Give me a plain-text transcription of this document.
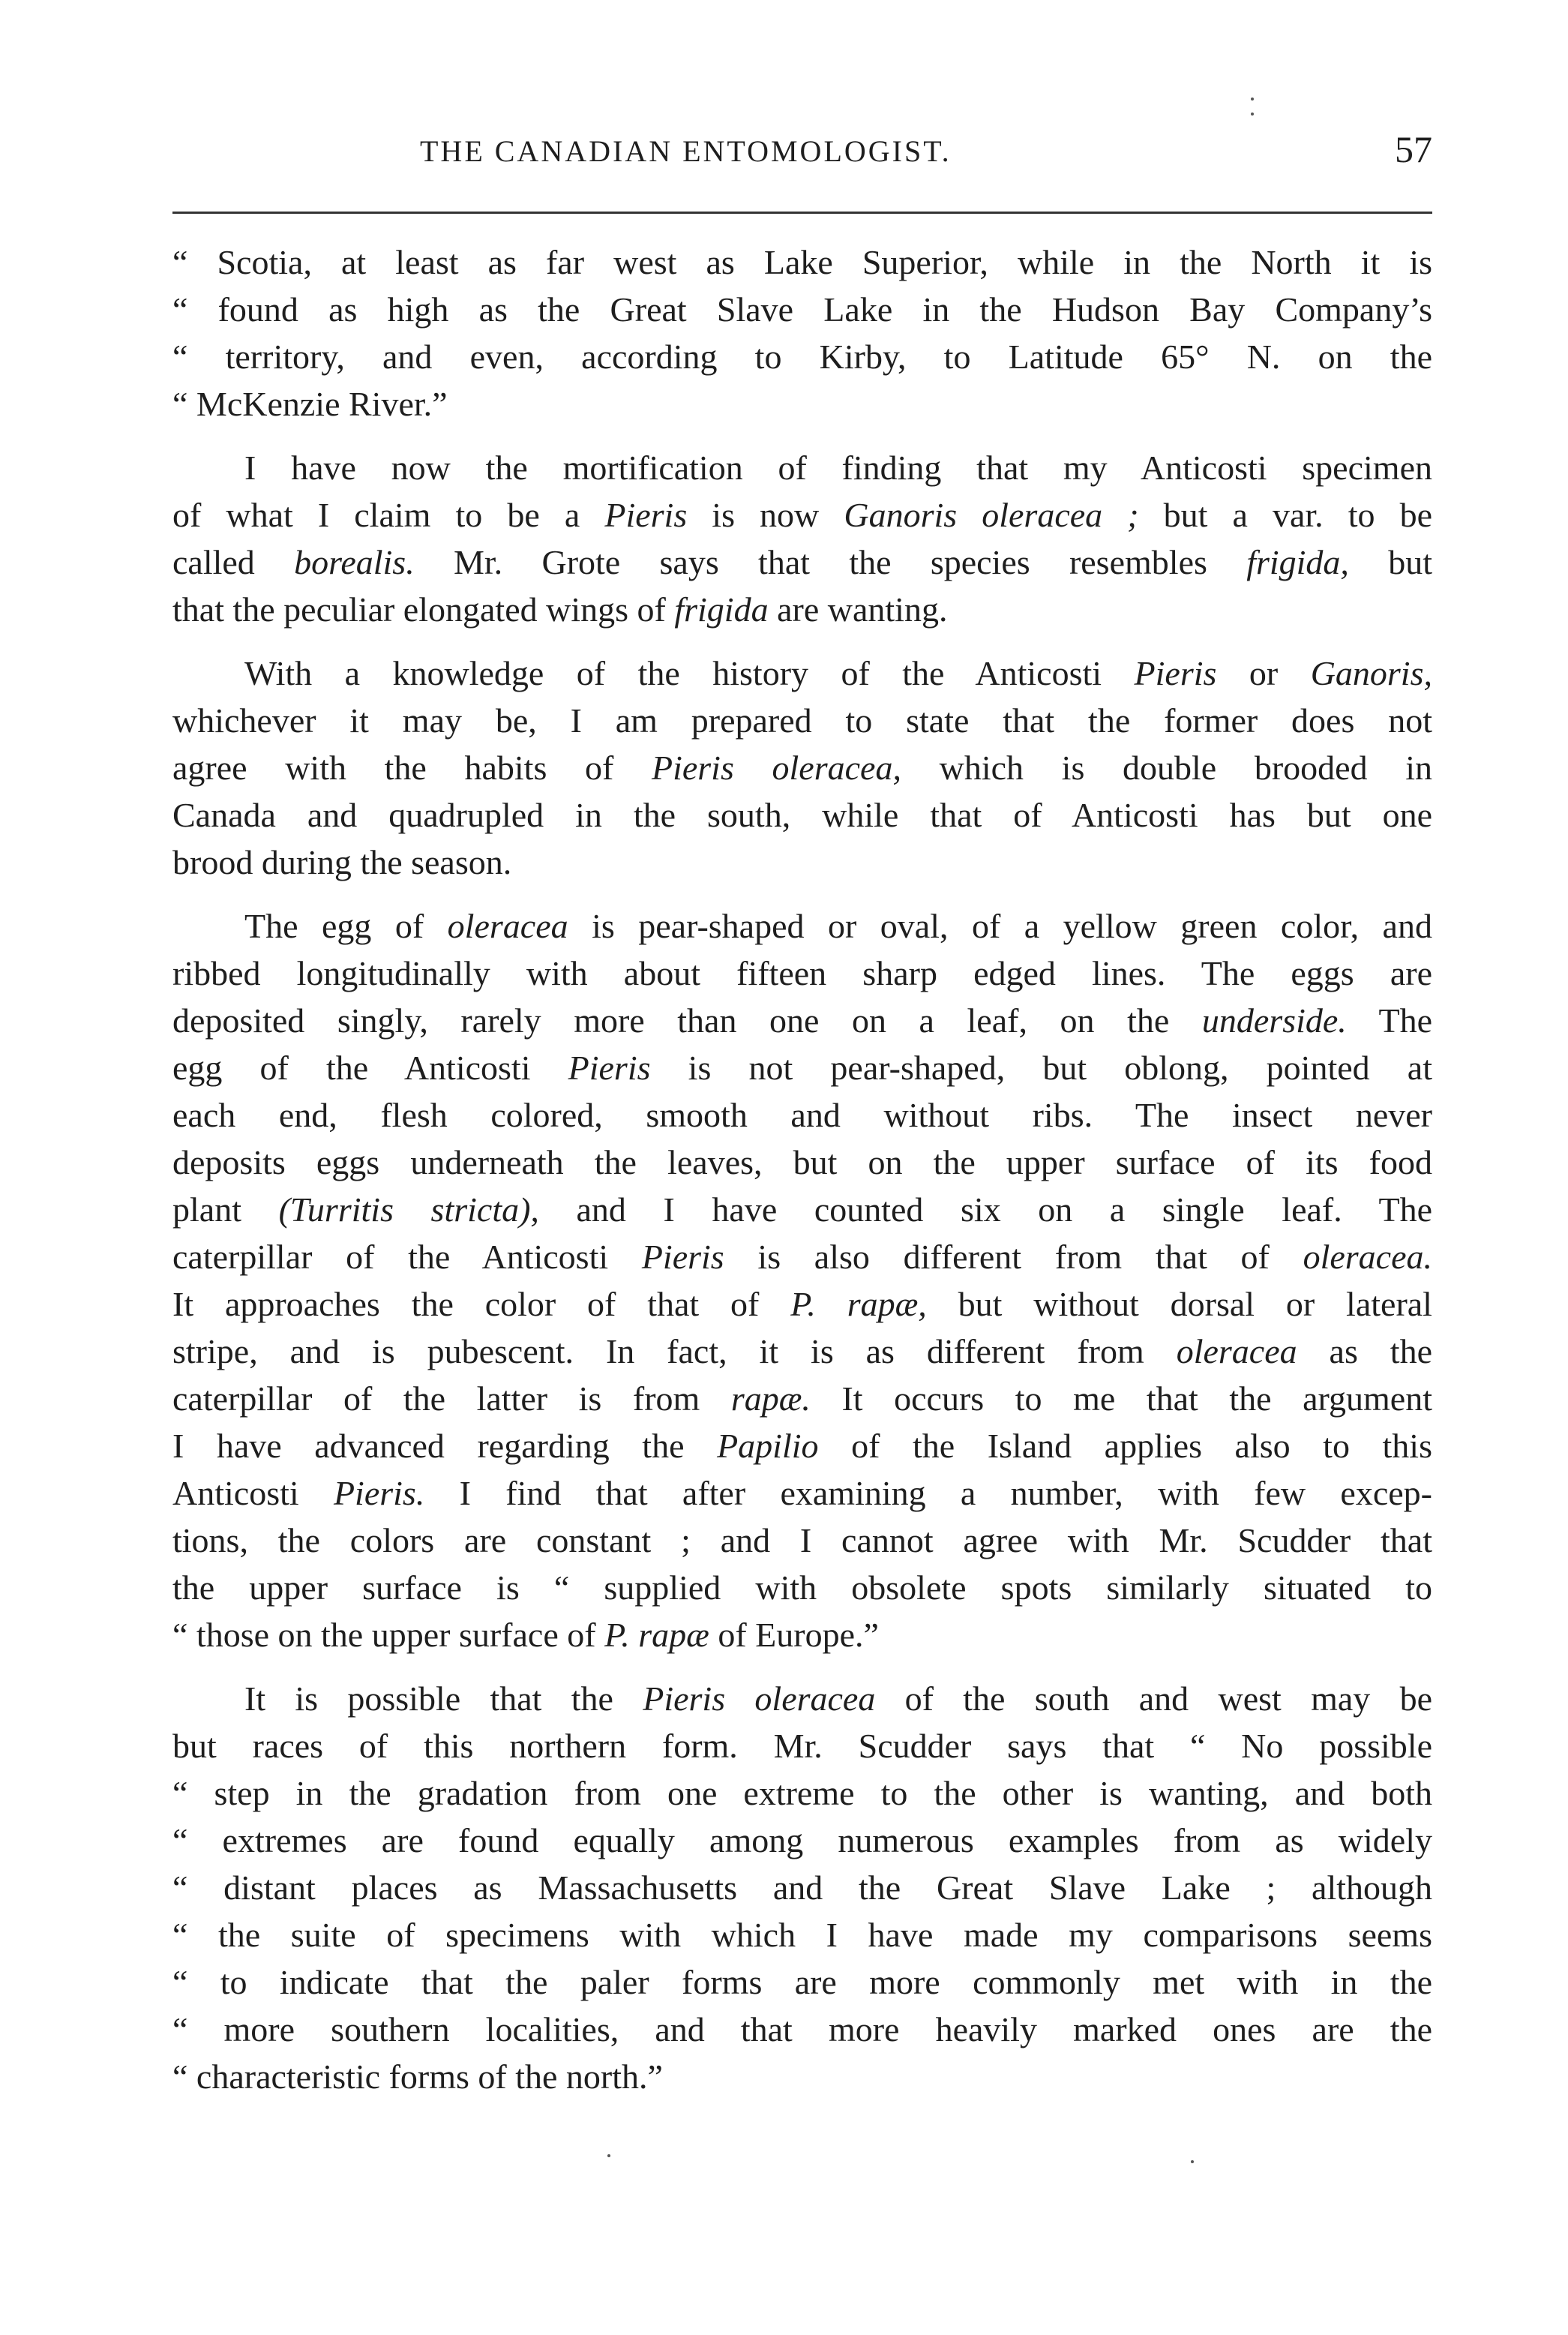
THE CANADIAN ENTOMOLOGIST.	57
“ Scotia, at least as far west as Lake Superior, while in the North it is
“ found as high as the Great Slave Lake in the Hudson Bay Company’s
“ territory, and even, according to Kirby, to Latitude 65° N. on the
“ McKenzie River.”
I have now the mortification of finding that my Anticosti specimen
of what I claim to be a Pieris is now Ganoris oleracea ; but a var. to be
called borealis. Mr. Grote says that the species resembles frigida, but
that the peculiar elongated wings of frigida are wanting.
With a knowledge of the history of the Anticosti Pieris or Ganoris,
whichever it may be, I am prepared to state that the former does not
agree with the habits of Pieris oleracea, which is double brooded in
Canada and quadrupled in the south, while that of Anticosti has but one
brood during the season.
The egg of oleracea is pear-shaped or oval, of a yellow green color, and
ribbed longitudinally with about fifteen sharp edged lines. The eggs are
deposited singly, rarely more than one on a leaf, on the underside. The
egg of the Anticosti Pieris is not pear-shaped, but oblong, pointed at
each end, flesh colored, smooth and without ribs. The insect never
deposits eggs underneath the leaves, but on the upper surface of its food
plant (Turritis stricta), and I have counted six on a single leaf. The
caterpillar of the Anticosti Pieris is also different from that of oleracea.
It approaches the color of that of P. rapæ, but without dorsal or lateral
stripe, and is pubescent. In fact, it is as different from oleracea as the
caterpillar of the latter is from rapæ. It occurs to me that the argument
I have advanced regarding the Papilio of the Island applies also to this
Anticosti Pieris. I find that after examining a number, with few excep-
tions, the colors are constant ; and I cannot agree with Mr. Scudder that
the upper surface is “ supplied with obsolete spots similarly situated to
“ those on the upper surface of P. rapæ of Europe.”
It is possible that the Pieris oleracea of the south and west may be
but races of this northern form. Mr. Scudder says that “ No possible
“ step in the gradation from one extreme to the other is wanting, and both
“ extremes are found equally among numerous examples from as widely
“ distant places as Massachusetts and the Great Slave Lake ; although
“ the suite of specimens with which I have made my comparisons seems
“ to indicate that the paler forms are more commonly met with in the
“ more southern localities, and that more heavily marked ones are the
“ characteristic forms of the north.”
